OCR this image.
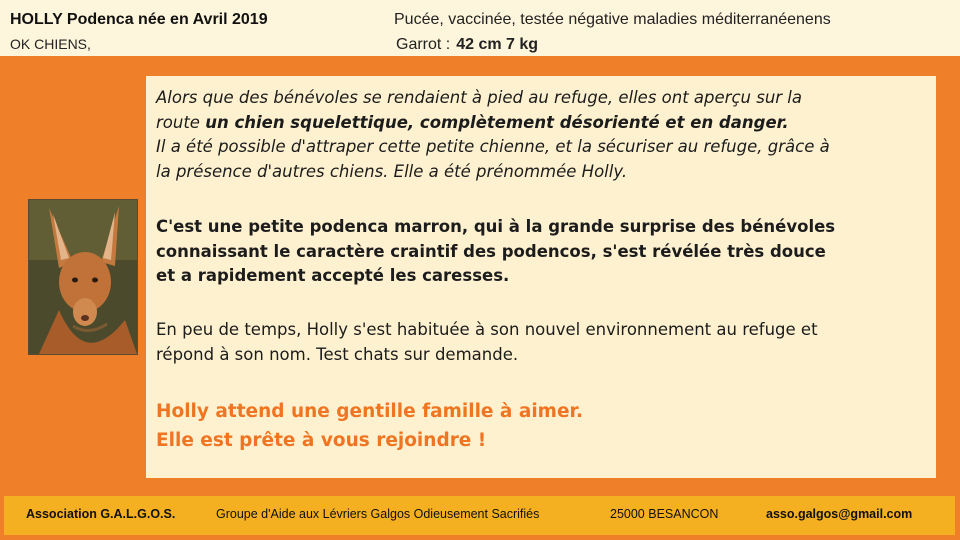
HOLLY Podenca née en Avril 2019
OK CHIENS,
Pucée, vaccinée, testée négative maladies méditerranéenens
Garrot : 42 cm 7 kg
Alors que des bénévoles se rendaient à pied au refuge, elles ont aperçu sur la
route un chien squelettique, complètement désorienté et en danger.
Il a été possible d'attraper cette petite chienne, et la sécuriser au refuge, grâce à
la présence d'autres chiens. Elle a été prénommée Holly.
C'est une petite podenca marron, qui à la grande surprise des bénévoles
connaissant le caractère craintif des podencos, s'est révélée très douce
et a rapidement accepté les caresses.
En peu de temps, Holly s'est habituée à son nouvel environnement au refuge et
répond à son nom. Test chats sur demande.
Holly attend une gentille famille à aimer.
Elle est prête à vous rejoindre !
Association G.A.L.G.O.S.	Groupe d'Aide aux Lévriers Galgos Odieusement Sacrifiés	25000 BESANCON	asso.galgos@gmail.com
